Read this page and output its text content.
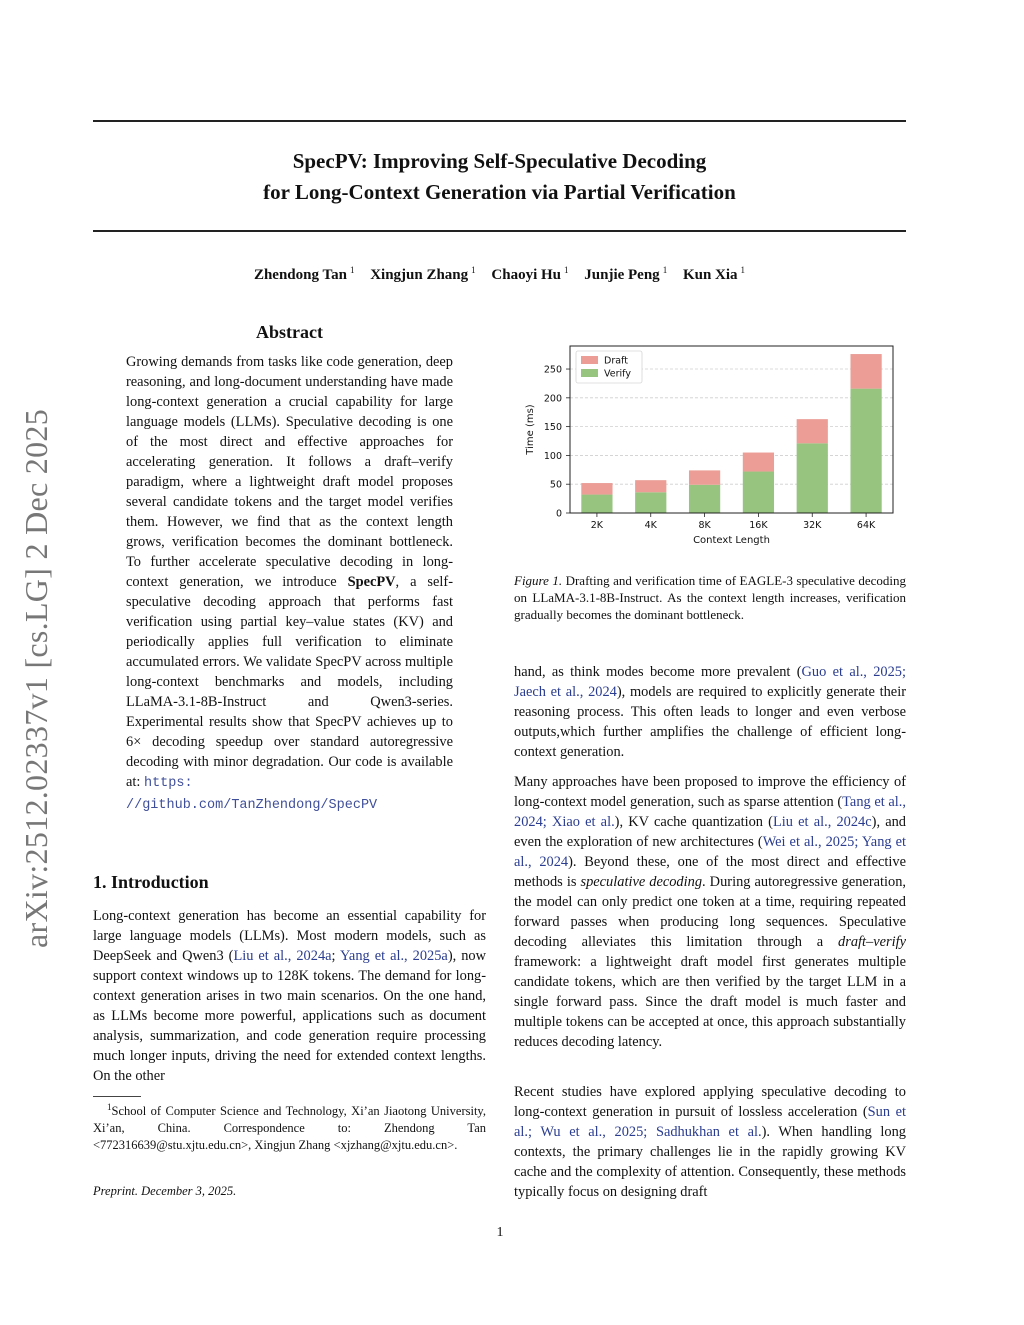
arXiv:2512.02337v1 [cs.LG] 2 Dec 2025
SpecPV: Improving Self-Speculative Decoding
for Long-Context Generation via Partial Verification
Zhendong Tan $^1$ Xingjun Zhang $^1$ Chaoyi Hu $^1$ Junjie Peng $^1$ Kun Xia $^1$
Abstract
Growing demands from tasks like code generation, deep reasoning, and long-document understanding have made long-context generation a crucial capability for large language models (LLMs). Speculative decoding is one of the most direct and effective approaches for accelerating generation. It follows a draft–verify paradigm, where a lightweight draft model proposes several candidate tokens and the target model verifies them. However, we find that as the context length grows, verification becomes the dominant bottleneck. To further accelerate speculative decoding in long-context generation, we introduce SpecPV, a self-speculative decoding approach that performs fast verification using partial key–value states (KV) and periodically applies full verification to eliminate accumulated errors. We validate SpecPV across multiple long-context benchmarks and models, including LLaMA-3.1-8B-Instruct and Qwen3-series. Experimental results show that SpecPV achieves up to 6× decoding speedup over standard autoregressive decoding with minor degradation. Our code is available at: https:
//github.com/TanZhendong/SpecPV
1. Introduction
Long-context generation has become an essential capability for large language models (LLMs). Most modern models, such as DeepSeek and Qwen3 (Liu et al., 2024a; Yang et al., 2025a), now support context windows up to 128K tokens. The demand for long-context generation arises in two main scenarios. On the one hand, as LLMs become more powerful, applications such as document analysis, summarization, and code generation require processing much longer inputs, driving the need for extended context lengths. On the other
$^1$School of Computer Science and Technology, Xi’an Jiaotong University, Xi’an, China. Correspondence to: Zhendong Tan <772316639@stu.xjtu.edu.cn>, Xingjun Zhang <xjzhang@xjtu.edu.cn>.
Preprint. December 3, 2025.
0
50
100
150
200
250
2K	4K	8K	16K	32K	64K
Context Length
Time (ms)
Draft
Verify
Figure 1. Drafting and verification time of EAGLE-3 speculative decoding on LLaMA-3.1-8B-Instruct. As the context length increases, verification gradually becomes the dominant bottleneck.
hand, as think modes become more prevalent (Guo et al., 2025; Jaech et al., 2024), models are required to explicitly generate their reasoning process. This often leads to longer and even verbose outputs,which further amplifies the challenge of efficient long-context generation.
Many approaches have been proposed to improve the efficiency of long-context model generation, such as sparse attention (Tang et al., 2024; Xiao et al.), KV cache quantization (Liu et al., 2024c), and even the exploration of new architectures (Wei et al., 2025; Yang et al., 2024). Beyond these, one of the most direct and effective methods is speculative decoding. During autoregressive generation, the model can only predict one token at a time, requiring repeated forward passes when producing long sequences. Speculative decoding alleviates this limitation through a draft–verify framework: a lightweight draft model first generates multiple candidate tokens, which are then verified by the target LLM in a single forward pass. Since the draft model is much faster and multiple tokens can be accepted at once, this approach substantially reduces decoding latency.
Recent studies have explored applying speculative decoding to long-context generation in pursuit of lossless acceleration (Sun et al.; Wu et al., 2025; Sadhukhan et al.). When handling long contexts, the primary challenges lie in the rapidly growing KV cache and the complexity of attention. Consequently, these methods typically focus on designing draft
1
